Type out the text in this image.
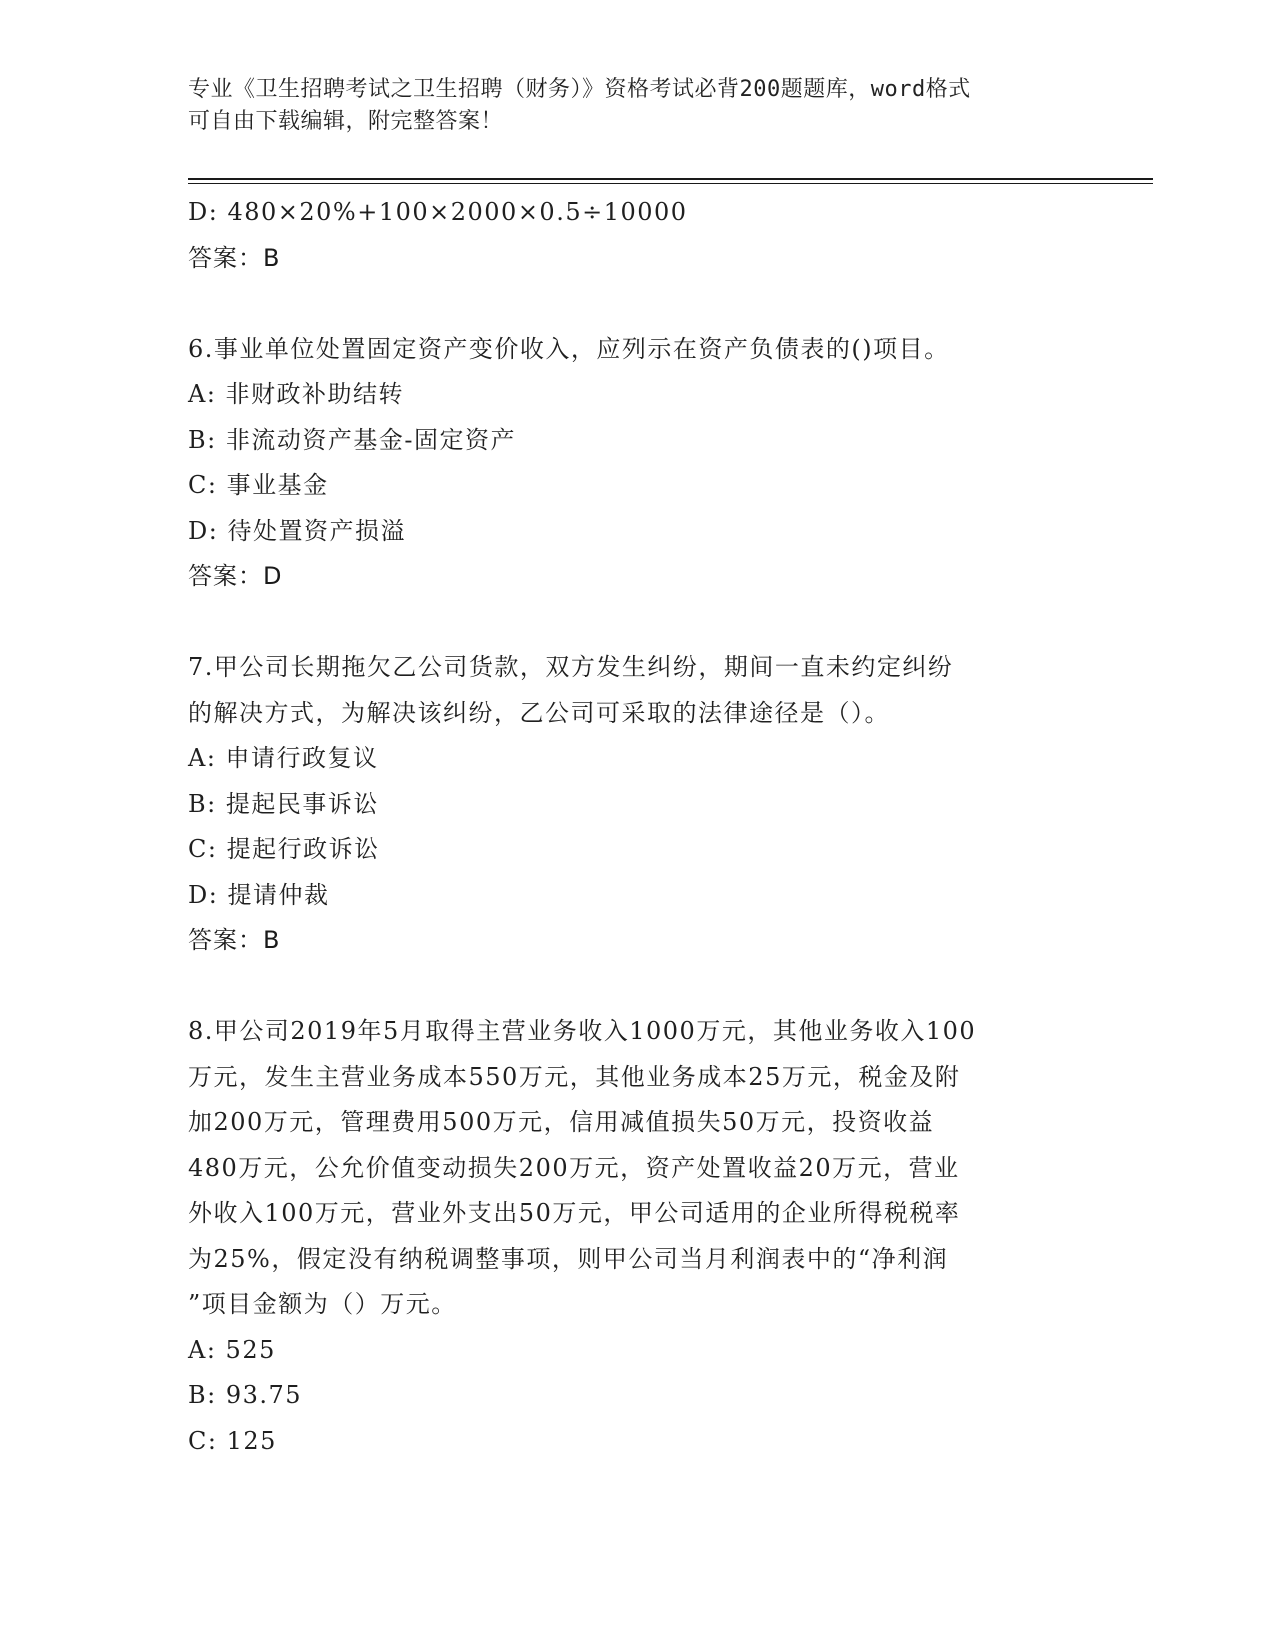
专业《卫生招聘考试之卫生招聘（财务）》资格考试必背200题题库，word格式
可自由下载编辑，附完整答案！
D: 480×20%+100×2000×0.5÷10000
答案：B
6.事业单位处置固定资产变价收入，应列示在资产负债表的()项目。
A: 非财政补助结转
B: 非流动资产基金-固定资产
C: 事业基金
D: 待处置资产损溢
答案：D
7.甲公司长期拖欠乙公司货款，双方发生纠纷，期间一直未约定纠纷
的解决方式，为解决该纠纷，乙公司可采取的法律途径是（）。
A: 申请行政复议
B: 提起民事诉讼
C: 提起行政诉讼
D: 提请仲裁
答案：B
8.甲公司2019年5月取得主营业务收入1000万元，其他业务收入100
万元，发生主营业务成本550万元，其他业务成本25万元，税金及附
加200万元，管理费用500万元，信用减值损失50万元，投资收益
480万元，公允价值变动损失200万元，资产处置收益20万元，营业
外收入100万元，营业外支出50万元，甲公司适用的企业所得税税率
为25%，假定没有纳税调整事项，则甲公司当月利润表中的“净利润
”项目金额为（）万元。
A: 525
B: 93.75
C: 125
